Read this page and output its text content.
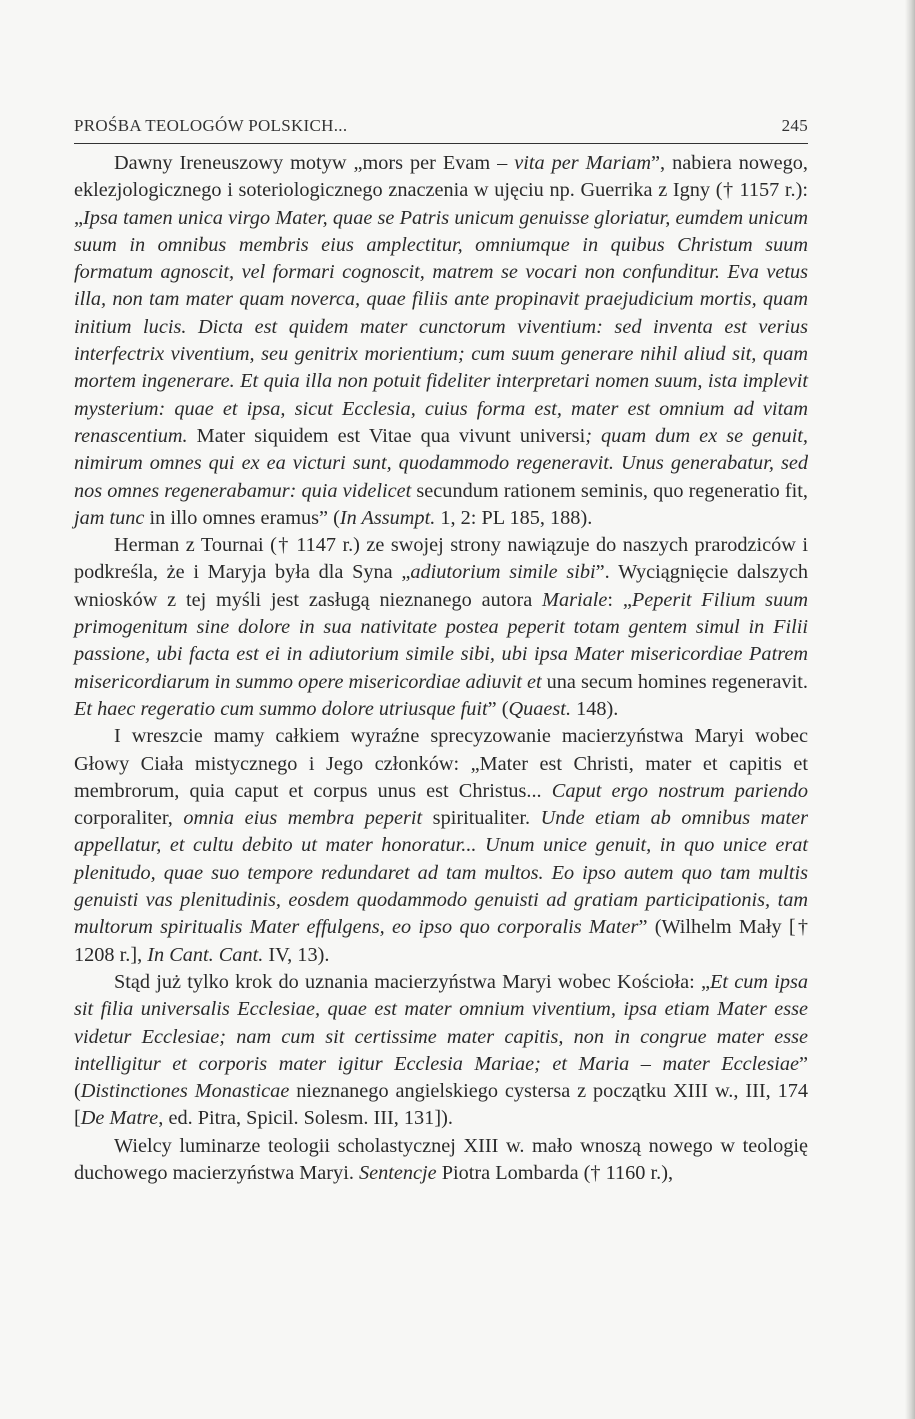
PROŚBA TEOLOGÓW POLSKICH...	245

Dawny Ireneuszowy motyw „mors per Evam – vita per Mariam”, nabiera nowego, eklezjologicznego i soteriologicznego znaczenia w ujęciu np. Guerrika z Igny († 1157 r.): „Ipsa tamen unica virgo Mater, quae se Patris unicum genuisse gloriatur, eumdem unicum suum in omnibus membris eius amplectitur, omniumque in quibus Christum suum formatum agnoscit, vel formari cognoscit, matrem se vocari non confunditur. Eva vetus illa, non tam mater quam noverca, quae filiis ante propinavit praejudicium mortis, quam initium lucis. Dicta est quidem mater cunctorum viventium: sed inventa est verius interfectrix viventium, seu genitrix morientium; cum suum generare nihil aliud sit, quam mortem ingenerare. Et quia illa non potuit fideliter interpretari nomen suum, ista implevit mysterium: quae et ipsa, sicut Ecclesia, cuius forma est, mater est omnium ad vitam renascentium. Mater siquidem est Vitae qua vivunt universi; quam dum ex se genuit, nimirum omnes qui ex ea victuri sunt, quodammodo regeneravit. Unus generabatur, sed nos omnes regenerabamur: quia videlicet secundum rationem seminis, quo regeneratio fit, jam tunc in illo omnes eramus” (In Assumpt. 1, 2: PL 185, 188).

Herman z Tournai († 1147 r.) ze swojej strony nawiązuje do naszych prarodziców i podkreśla, że i Maryja była dla Syna „adiutorium simile sibi”. Wyciągnięcie dalszych wniosków z tej myśli jest zasługą nieznanego autora Mariale: „Peperit Filium suum primogenitum sine dolore in sua nativitate postea peperit totam gentem simul in Filii passione, ubi facta est ei in adiutorium simile sibi, ubi ipsa Mater misericordiae Patrem misericordiarum in summo opere misericordiae adiuvit et una secum homines regeneravit. Et haec regeratio cum summo dolore utriusque fuit” (Quaest. 148).

I wreszcie mamy całkiem wyraźne sprecyzowanie macierzyństwa Maryi wobec Głowy Ciała mistycznego i Jego członków: „Mater est Christi, mater et capitis et membrorum, quia caput et corpus unus est Christus... Caput ergo nostrum pariendo corporaliter, omnia eius membra peperit spiritualiter. Unde etiam ab omnibus mater appellatur, et cultu debito ut mater honoratur... Unum unice genuit, in quo unice erat plenitudo, quae suo tempore redundaret ad tam multos. Eo ipso autem quo tam multis genuisti vas plenitudinis, eosdem quodammodo genuisti ad gratiam participationis, tam multorum spiritualis Mater effulgens, eo ipso quo corporalis Mater” (Wilhelm Mały [† 1208 r.], In Cant. Cant. IV, 13).

Stąd już tylko krok do uznania macierzyństwa Maryi wobec Kościoła: „Et cum ipsa sit filia universalis Ecclesiae, quae est mater omnium viventium, ipsa etiam Mater esse videtur Ecclesiae; nam cum sit certissime mater capitis, non in congrue mater esse intelligitur et corporis mater igitur Ecclesia Mariae; et Maria – mater Ecclesiae” (Distinctiones Monasticae nieznanego angielskiego cystersa z początku XIII w., III, 174 [De Matre, ed. Pitra, Spicil. Solesm. III, 131]).

Wielcy luminarze teologii scholastycznej XIII w. mało wnoszą nowego w teologię duchowego macierzyństwa Maryi. Sentencje Piotra Lombarda († 1160 r.),
